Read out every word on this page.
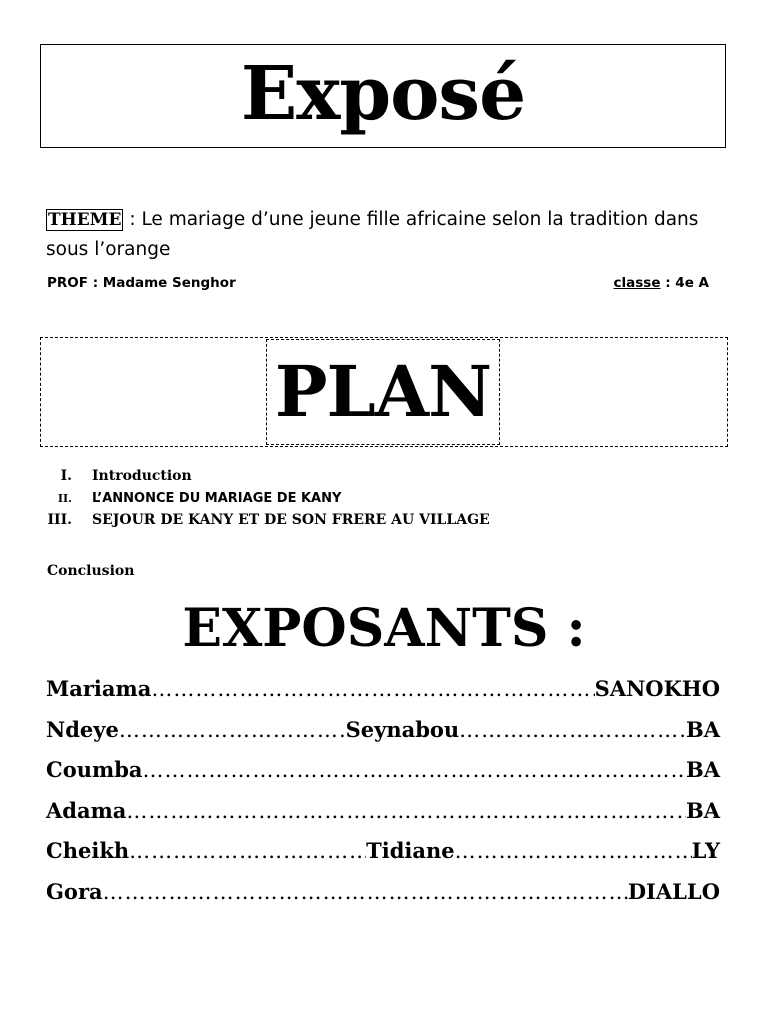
Exposé
THEME : Le mariage d’une jeune fille africaine selon la tradition dans sous l’orange
PROF : Madame Senghor	classe : 4e A
PLAN
I. Introduction
II. L’ANNONCE DU MARIAGE DE KANY
III. SEJOUR DE KANY ET DE SON FRERE AU VILLAGE
Conclusion
EXPOSANTS :
Mariama ……………………………………………………………………………………………………………………………………………	SANOKHO
Ndeye ……………………………………………………………………………………………………………………………………………	Seynabou ……………………………………………………………………………………………………………………………………………	BA
Coumba ……………………………………………………………………………………………………………………………………………	BA
Adama ……………………………………………………………………………………………………………………………………………	BA
Cheikh ……………………………………………………………………………………………………………………………………………	Tidiane ……………………………………………………………………………………………………………………………………………	LY
Gora ……………………………………………………………………………………………………………………………………………	DIALLO
